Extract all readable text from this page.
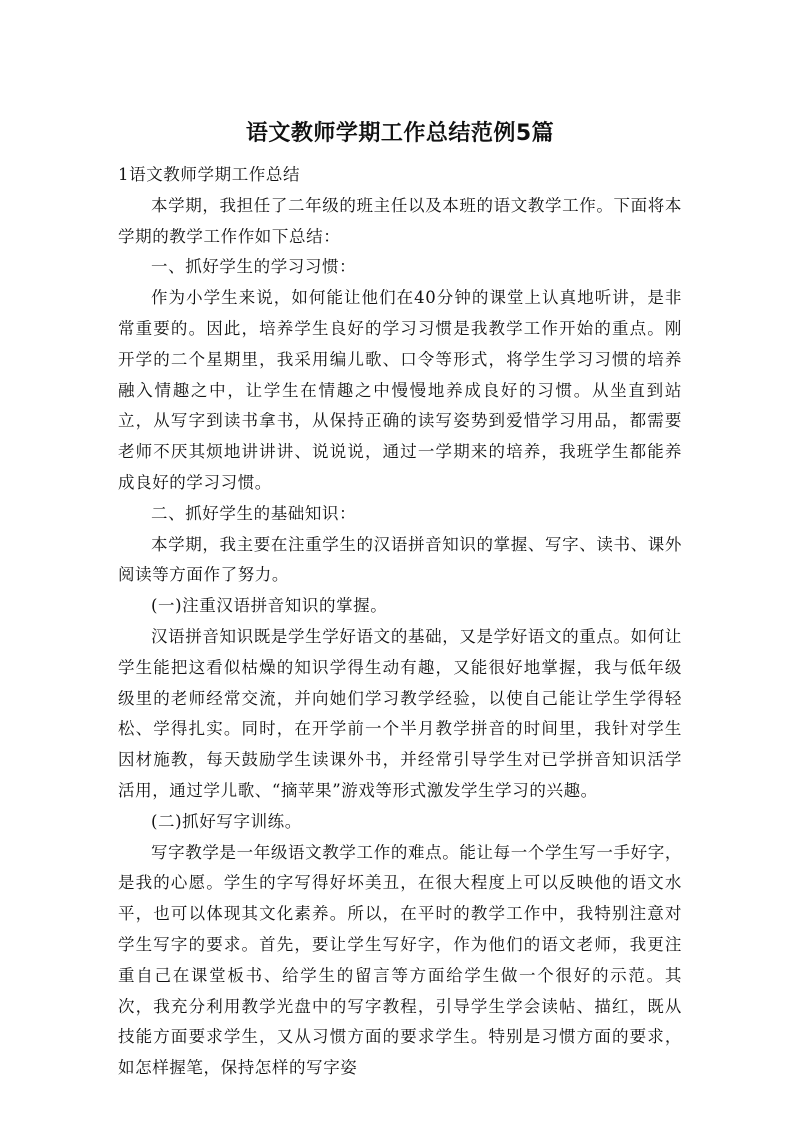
语文教师学期工作总结范例5篇

1语文教师学期工作总结

本学期，我担任了二年级的班主任以及本班的语文教学工作。下面将本学期的教学工作作如下总结：

一、抓好学生的学习习惯：

作为小学生来说，如何能让他们在40分钟的课堂上认真地听讲，是非常重要的。因此，培养学生良好的学习习惯是我教学工作开始的重点。刚开学的二个星期里，我采用编儿歌、口令等形式，将学生学习习惯的培养融入情趣之中，让学生在情趣之中慢慢地养成良好的习惯。从坐直到站立，从写字到读书拿书，从保持正确的读写姿势到爱惜学习用品，都需要老师不厌其烦地讲讲讲、说说说，通过一学期来的培养，我班学生都能养成良好的学习习惯。

二、抓好学生的基础知识：

本学期，我主要在注重学生的汉语拼音知识的掌握、写字、读书、课外阅读等方面作了努力。

(一)注重汉语拼音知识的掌握。

汉语拼音知识既是学生学好语文的基础，又是学好语文的重点。如何让学生能把这看似枯燥的知识学得生动有趣，又能很好地掌握，我与低年级级里的老师经常交流，并向她们学习教学经验，以使自己能让学生学得轻松、学得扎实。同时，在开学前一个半月教学拼音的时间里，我针对学生因材施教，每天鼓励学生读课外书，并经常引导学生对已学拼音知识活学活用，通过学儿歌、“摘苹果”游戏等形式激发学生学习的兴趣。

(二)抓好写字训练。

写字教学是一年级语文教学工作的难点。能让每一个学生写一手好字，是我的心愿。学生的字写得好坏美丑，在很大程度上可以反映他的语文水平，也可以体现其文化素养。所以，在平时的教学工作中，我特别注意对学生写字的要求。首先，要让学生写好字，作为他们的语文老师，我更注重自己在课堂板书、给学生的留言等方面给学生做一个很好的示范。其次，我充分利用教学光盘中的写字教程，引导学生学会读帖、描红，既从技能方面要求学生，又从习惯方面的要求学生。特别是习惯方面的要求，如怎样握笔，保持怎样的写字姿
